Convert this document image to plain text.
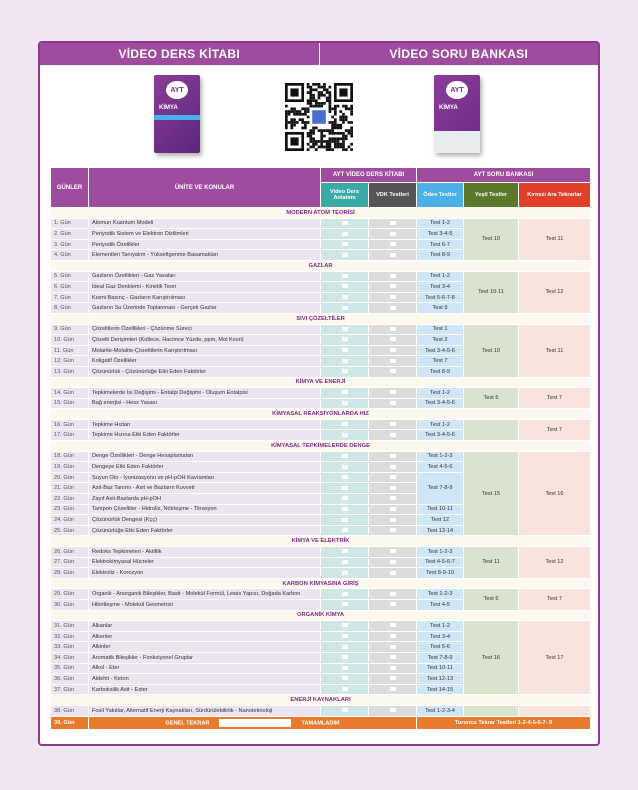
VİDEO DERS KİTABI	VİDEO SORU BANKASI
AYT
KİMYA
AYT
KİMYA
GÜNLER	ÜNİTE VE KONULAR	AYT VİDEO DERS KİTABI		AYT SORU BANKASI		
		Video Ders Anlatımı	VDK Testleri	Ödev Testler	Yeşil Testler	Kırmızı Ara Tekrarlar
MODERN ATOM TEORİSİ						
1. Gün	Atomun Kuantum Modeli			Test 1-2	Test 10	Test 11
2. Gün	Periyodik Sistem ve Elektron Dizilimleri			Test 3-4-5		
3. Gün	Periyodik Özellikler			Test 6-7		
4. Gün	Elementleri Tanıyalım - Yükseltgenme Basamakları			Test 8-9		
GAZLAR						
5. Gün	Gazların Özellikleri - Gaz Yasaları			Test 1-2	Test 10-11	Test 12
6. Gün	İdeal Gaz Denklemi - Kinetik Teori			Test 3-4		
7. Gün	Kısmi Basınç - Gazların Karıştırılması			Test 5-6-7-8		
8. Gün	Gazların Su Üzerinde Toplanması - Gerçek Gazlar			Test 9		
SIVI ÇÖZELTİLER						
9. Gün	Çözeltilerin Özellikleri - Çözünme Süreci			Test 1	Test 10	Test 11
10. Gün	Çözelti Derişimleri (Kütlece, Hacimce Yüzde, ppm, Mol Kesri)			Test 2		
11. Gün	Molarite-Molalite-Çözeltilerin Karıştırılması			Test 3-4-5-6		
12. Gün	Koligatif Özellikler			Test 7		
13. Gün	Çözünürlük - Çözünürlüğe Etki Eden Faktörler			Test 8-9		
KİMYA VE ENERJİ						
14. Gün	Tepkimelerde Isı Değişimi - Entalpi Değişimi - Oluşum Entalpisi			Test 1-2	Test 6	Test 7
15. Gün	Bağ enerjisi - Hess Yasası			Test 3-4-5-6		
KİMYASAL REAKSİYONLARDA HIZ						
16. Gün	Tepkime Hızları			Test 1-2		Test 7
17. Gün	Tepkime Hızına Etki Eden Faktörler			Test 3-4-5-6		
KİMYASAL TEPKİMELERDE DENGE						
18. Gün	Denge Özellikleri - Denge Hesaplamaları			Test 1-2-3	Test 15	Test 16
19. Gün	Dengeye Etki Eden Faktörler			Test 4-5-6		
20. Gün	Suyun Oto - İyonizasyonu ve pH-pOH Kavramları			Test 7-8-9		
21. Gün	Asit-Baz Tanımı - Asit ve Bazların Kuvveti					
22. Gün	Zayıf Asit-Bazlarda pH-pOH					
23. Gün	Tampon Çözeltiler - Hidroliz, Nötrleşme - Titrasyon			Test 10-11		
24. Gün	Çözünürlük Dengesi (Kçç)			Test 12		
25. Gün	Çözünürlüğe Etki Eden Faktörler			Test 13-14		
KİMYA VE ELEKTRİK						
26. Gün	Redoks Tepkimeleri - Aktiflik			Test 1-2-3	Test 11	Test 12
27. Gün	Elektrokimyasal Hücreler			Test 4-5-6-7		
28. Gün	Elektroliz - Korozyon			Test 8-9-10		
KARBON KİMYASINA GİRİŞ						
29. Gün	Organik - Anorganik Bileşikler, Basit - Molekül Formül, Lewis Yapısı, Doğada Karbon			Test 1-2-3	Test 6	Test 7
30. Gün	Hibritleşme - Molekül Geometrisi			Test 4-5		
ORGANİK KİMYA						
31. Gün	Alkanlar			Test 1-2	Test 16	Test 17
32. Gün	Alkenler			Test 3-4		
33. Gün	Alkinler			Test 5-6		
34. Gün	Aromatik Bileşikler - Fonksiyonel Gruplar			Test 7-8-9		
35. Gün	Alkol - Eter			Test 10-11		
36. Gün	Aldehit - Keton			Test 12-13		
37. Gün	Karboksilik Asit - Ester			Test 14-15		
ENERJİ KAYNAKLARI						
38. Gün	Fosil Yakıtlar, Alternatif Enerji Kaynakları, Sürdürülebilirlik - Nanoteknoloji			Test 1-2-3-4		
39. Gün	GENEL TEKRAR TAMAMLADIM			Turuncu Tekrar Testleri 1-2-4-5-6-7- 8		
